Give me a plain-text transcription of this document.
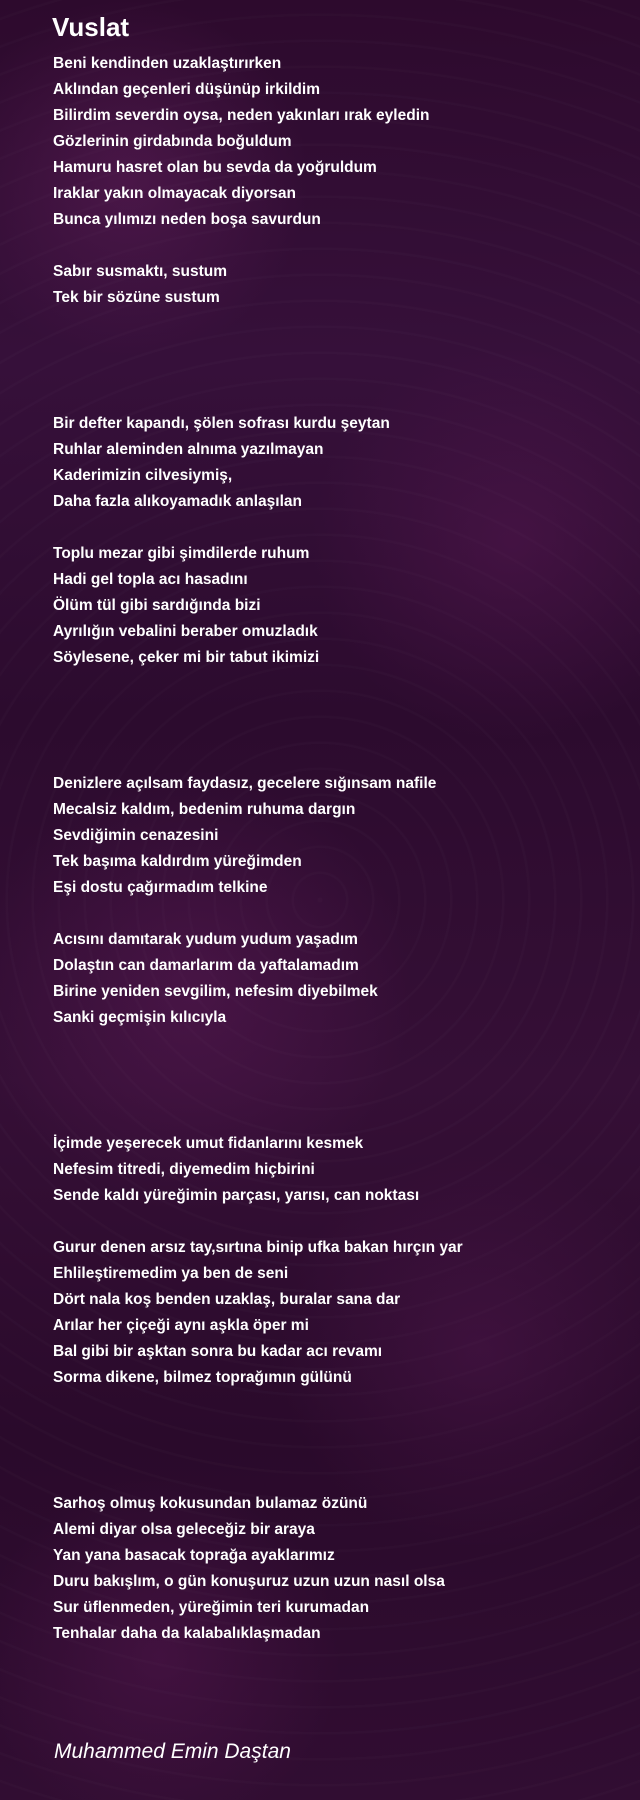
Vuslat
Beni kendinden uzaklaştırırken
Aklından geçenleri düşünüp irkildim
Bilirdim severdin oysa, neden yakınları ırak eyledin
Gözlerinin girdabında boğuldum
Hamuru hasret olan bu sevda da yoğruldum
Iraklar yakın olmayacak diyorsan
Bunca yılımızı neden boşa savurdun
Sabır susmaktı, sustum
Tek bir sözüne sustum
Bir defter kapandı, şölen sofrası kurdu şeytan
Ruhlar aleminden alnıma yazılmayan
Kaderimizin cilvesiymiş,
Daha fazla alıkoyamadık anlaşılan
Toplu mezar gibi şimdilerde ruhum
Hadi gel topla acı hasadını
Ölüm tül gibi sardığında bizi
Ayrılığın vebalini beraber omuzladık
Söylesene, çeker mi bir tabut ikimizi
Denizlere açılsam faydasız, gecelere sığınsam nafile
Mecalsiz kaldım, bedenim ruhuma dargın
Sevdiğimin cenazesini
Tek başıma kaldırdım yüreğimden
Eşi dostu çağırmadım telkine
Acısını damıtarak yudum yudum yaşadım
Dolaştın can damarlarım da yaftalamadım
Birine yeniden sevgilim, nefesim diyebilmek
Sanki geçmişin kılıcıyla
İçimde yeşerecek umut fidanlarını kesmek
Nefesim titredi, diyemedim hiçbirini
Sende kaldı yüreğimin parçası, yarısı, can noktası
Gurur denen arsız tay,sırtına binip ufka bakan hırçın yar
Ehlileştiremedim ya ben de seni
Dört nala koş benden uzaklaş, buralar sana dar
Arılar her çiçeği aynı aşkla öper mi
Bal gibi bir aşktan sonra bu kadar acı revamı
Sorma dikene, bilmez toprağımın gülünü
Sarhoş olmuş kokusundan bulamaz özünü
Alemi diyar olsa geleceğiz bir araya
Yan yana basacak toprağa ayaklarımız
Duru bakışlım, o gün konuşuruz uzun uzun nasıl olsa
Sur üflenmeden, yüreğimin teri kurumadan
Tenhalar daha da kalabalıklaşmadan

Muhammed Emin Daştan
